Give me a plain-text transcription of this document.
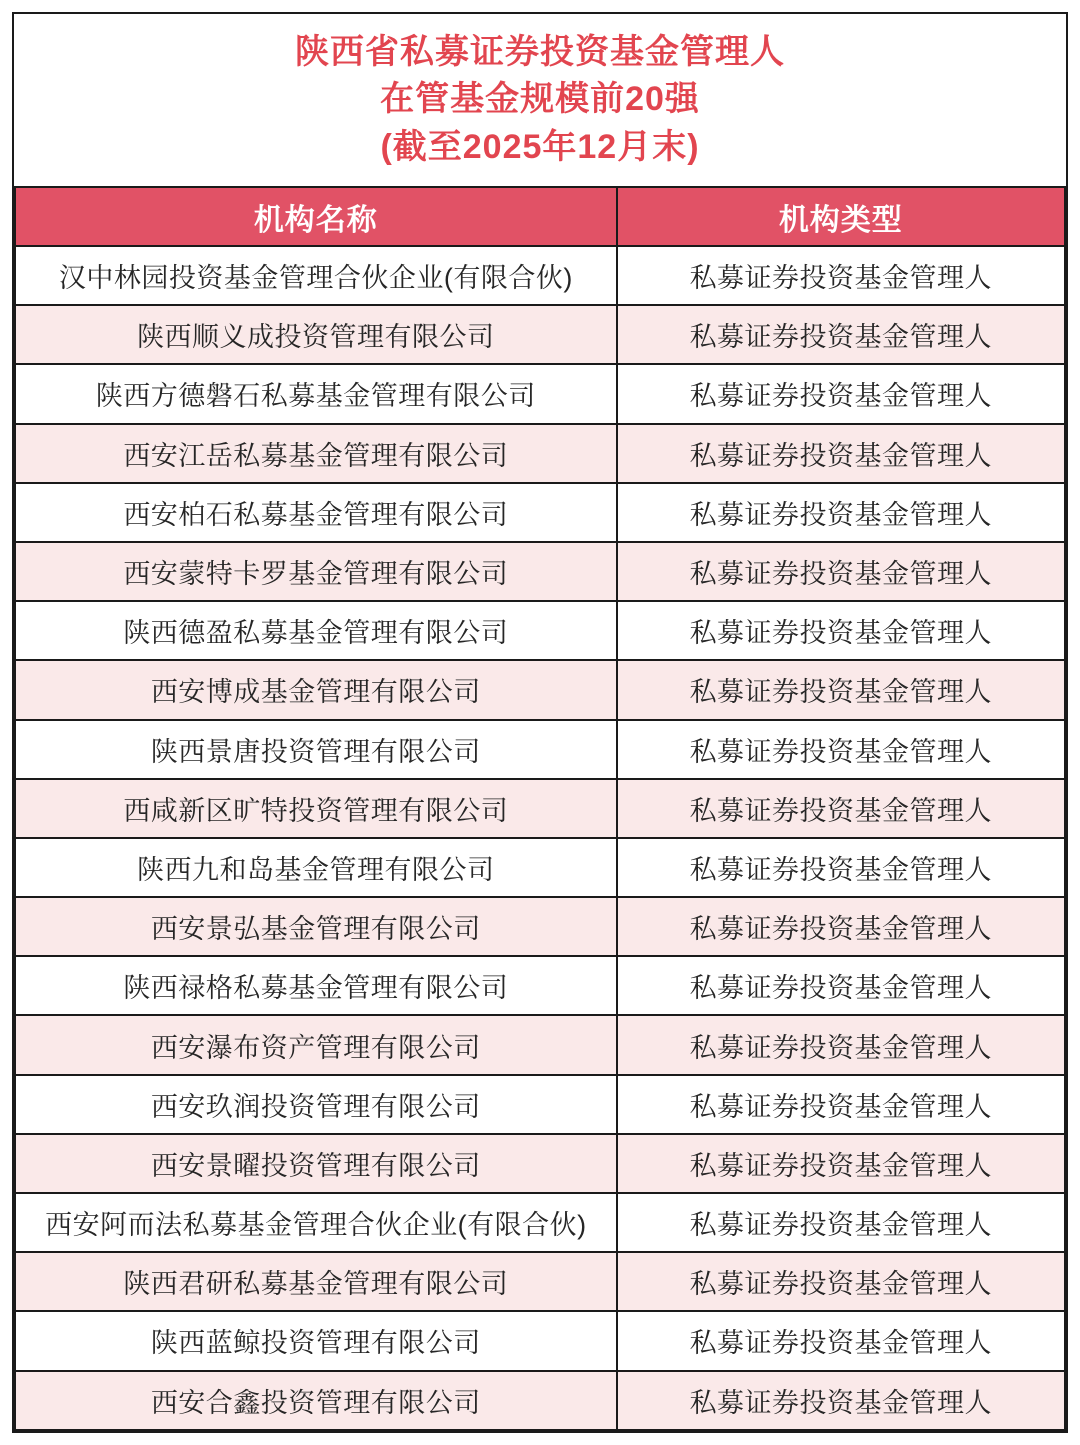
陕西省私募证券投资基金管理人
在管基金规模前20强
(截至2025年12月末)
机构名称	机构类型
汉中林园投资基金管理合伙企业(有限合伙)	私募证券投资基金管理人
陕西顺义成投资管理有限公司	私募证券投资基金管理人
陕西方德磐石私募基金管理有限公司	私募证券投资基金管理人
西安江岳私募基金管理有限公司	私募证券投资基金管理人
西安柏石私募基金管理有限公司	私募证券投资基金管理人
西安蒙特卡罗基金管理有限公司	私募证券投资基金管理人
陕西德盈私募基金管理有限公司	私募证券投资基金管理人
西安博成基金管理有限公司	私募证券投资基金管理人
陕西景唐投资管理有限公司	私募证券投资基金管理人
西咸新区旷特投资管理有限公司	私募证券投资基金管理人
陕西九和岛基金管理有限公司	私募证券投资基金管理人
西安景弘基金管理有限公司	私募证券投资基金管理人
陕西禄格私募基金管理有限公司	私募证券投资基金管理人
西安瀑布资产管理有限公司	私募证券投资基金管理人
西安玖润投资管理有限公司	私募证券投资基金管理人
西安景曜投资管理有限公司	私募证券投资基金管理人
西安阿而法私募基金管理合伙企业(有限合伙)	私募证券投资基金管理人
陕西君研私募基金管理有限公司	私募证券投资基金管理人
陕西蓝鲸投资管理有限公司	私募证券投资基金管理人
西安合鑫投资管理有限公司	私募证券投资基金管理人
